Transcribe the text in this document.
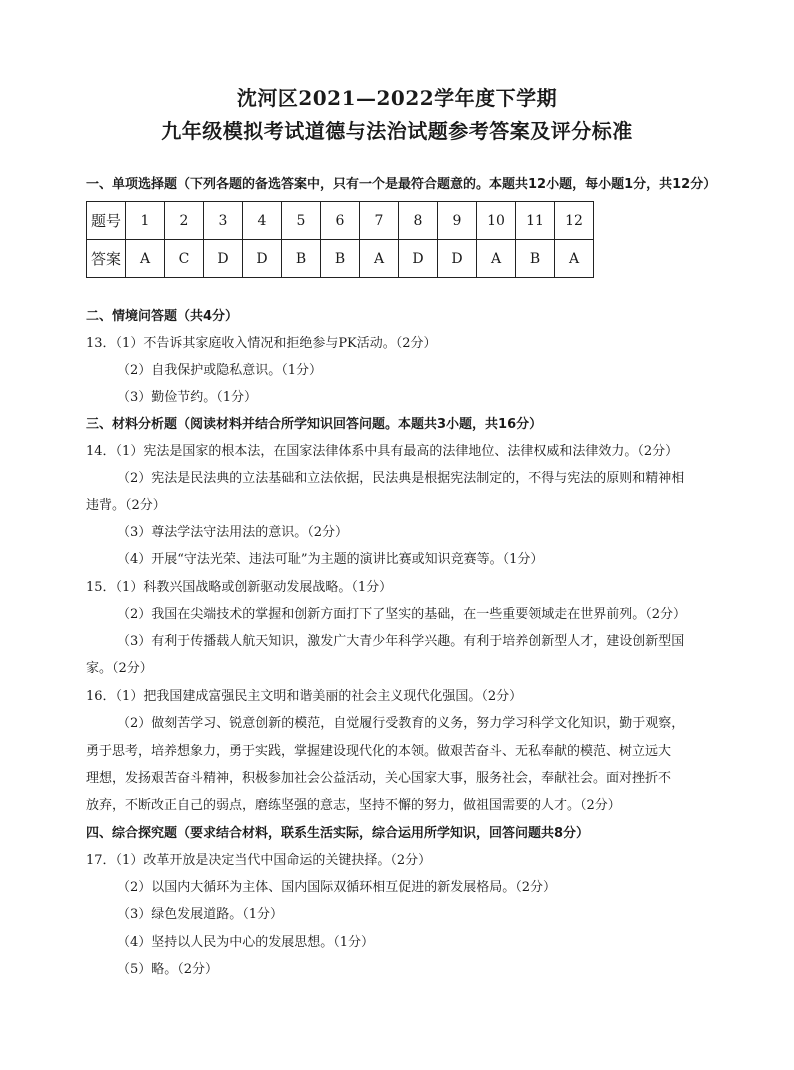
沈河区2021—2022学年度下学期
九年级模拟考试道德与法治试题参考答案及评分标准
一、单项选择题（下列各题的备选答案中，只有一个是最符合题意的。本题共12小题，每小题1分，共12分）
题号	1	2	3	4	5	6	7	8	9	10	11	12
答案	A	C	D	D	B	B	A	D	D	A	B	A
二、情境问答题（共4分）
13．（1）不告诉其家庭收入情况和拒绝参与PK活动。（2分）
（2）自我保护或隐私意识。（1分）
（3）勤俭节约。（1分）
三、材料分析题（阅读材料并结合所学知识回答问题。本题共3小题，共16分）
14．（1）宪法是国家的根本法，在国家法律体系中具有最高的法律地位、法律权威和法律效力。（2分）
（2）宪法是民法典的立法基础和立法依据，民法典是根据宪法制定的，不得与宪法的原则和精神相
违背。（2分）
（3）尊法学法守法用法的意识。（2分）
（4）开展“守法光荣、违法可耻”为主题的演讲比赛或知识竞赛等。（1分）
15．（1）科教兴国战略或创新驱动发展战略。（1分）
（2）我国在尖端技术的掌握和创新方面打下了坚实的基础，在一些重要领域走在世界前列。（2分）
（3）有利于传播载人航天知识，激发广大青少年科学兴趣。有利于培养创新型人才，建设创新型国
家。（2分）
16．（1）把我国建成富强民主文明和谐美丽的社会主义现代化强国。（2分）
（2）做刻苦学习、锐意创新的模范，自觉履行受教育的义务，努力学习科学文化知识，勤于观察，
勇于思考，培养想象力，勇于实践，掌握建设现代化的本领。做艰苦奋斗、无私奉献的模范、树立远大
理想，发扬艰苦奋斗精神，积极参加社会公益活动，关心国家大事，服务社会，奉献社会。面对挫折不
放弃，不断改正自己的弱点，磨练坚强的意志，坚持不懈的努力，做祖国需要的人才。（2分）
四、综合探究题（要求结合材料，联系生活实际，综合运用所学知识，回答问题共8分）
17．（1）改革开放是决定当代中国命运的关键抉择。（2分）
（2）以国内大循环为主体、国内国际双循环相互促进的新发展格局。（2分）
（3）绿色发展道路。（1分）
（4）坚持以人民为中心的发展思想。（1分）
（5）略。（2分）
